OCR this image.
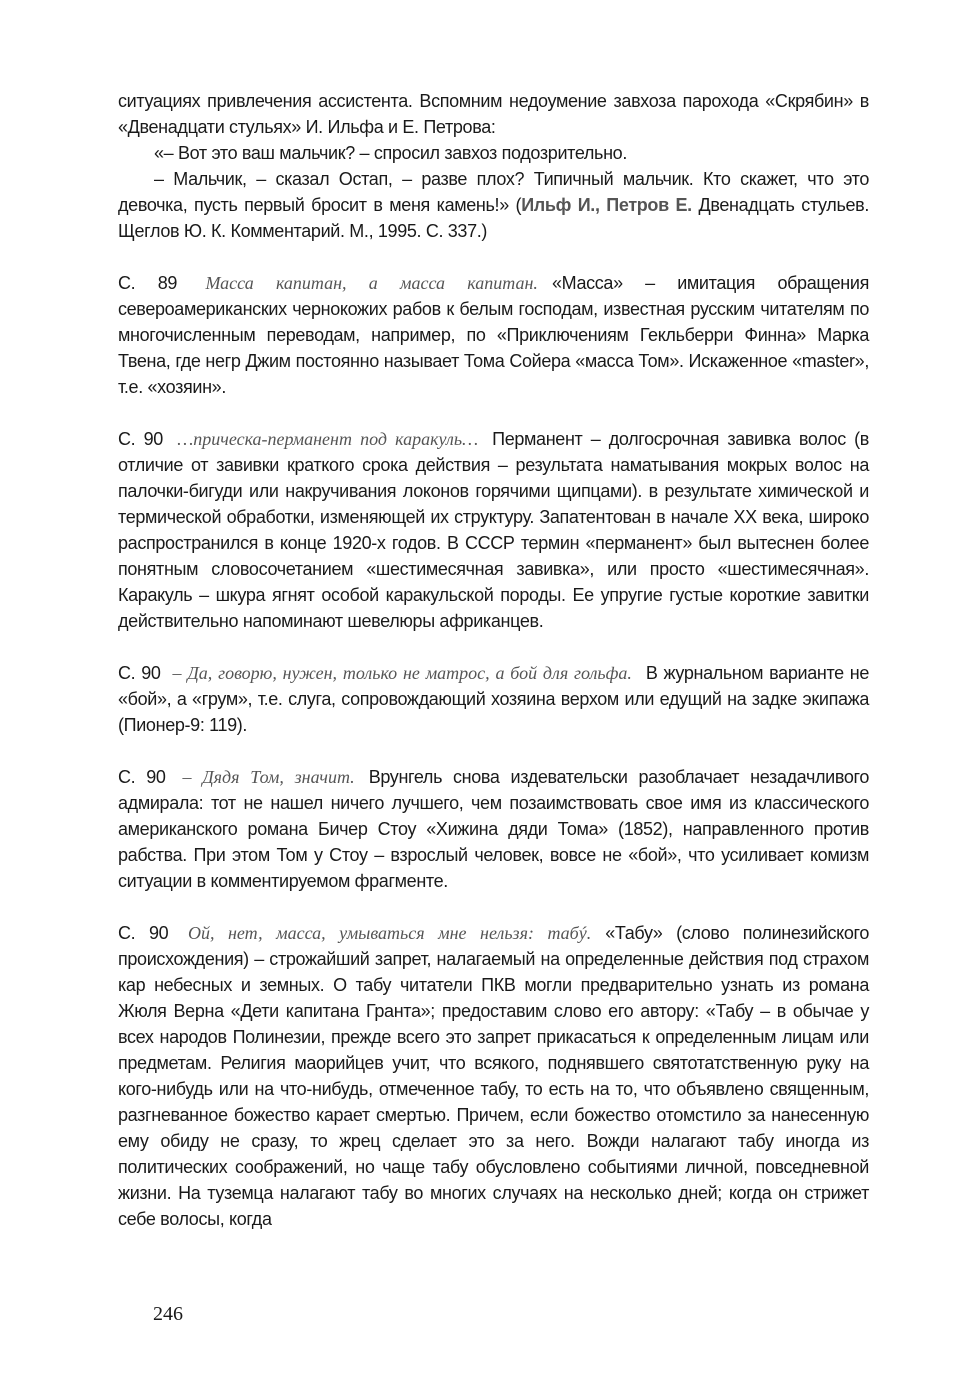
ситуациях привлечения ассистента. Вспомним недоумение завхоза парохода «Скрябин» в «Двенадцати стульях» И. Ильфа и Е. Петрова:

«– Вот это ваш мальчик? – спросил завхоз подозрительно.

– Мальчик, – сказал Остап, – разве плох? Типичный мальчик. Кто скажет, что это девочка, пусть первый бросит в меня камень!» (Ильф И., Петров Е. Двенадцать стульев. Щеглов Ю. К. Комментарий. М., 1995. С. 337.)

С. 89 Масса капитан, а масса капитан. «Масса» – имитация обращения североамериканских чернокожих рабов к белым господам, известная русским читателям по многочисленным переводам, например, по «Приключениям Гекльберри Финна» Марка Твена, где негр Джим постоянно называет Тома Сойера «масса Том». Искаженное «master», т.е. «хозяин».

С. 90 …прическа-перманент под каракуль… Перманент – долгосрочная завивка волос (в отличие от завивки краткого срока действия – результата наматывания мокрых волос на палочки-бигуди или накручивания локонов горячими щипцами). в результате химической и термической обработки, изменяющей их структуру. Запатентован в начале XX века, широко распространился в конце 1920-х годов. В СССР термин «перманент» был вытеснен более понятным словосочетанием «шестимесячная завивка», или просто «шестимесячная». Каракуль – шкура ягнят особой каракульской породы. Ее упругие густые короткие завитки действительно напоминают шевелюры африканцев.

С. 90 – Да, говорю, нужен, только не матрос, а бой для гольфа. В журнальном варианте не «бой», а «грум», т.е. слуга, сопровождающий хозяина верхом или едущий на задке экипажа (Пионер-9: 119).

С. 90 – Дядя Том, значит. Врунгель снова издевательски разоблачает незадачливого адмирала: тот не нашел ничего лучшего, чем позаимствовать свое имя из классического американского романа Бичер Стоу «Хижина дяди Тома» (1852), направленного против рабства. При этом Том у Стоу – взрослый человек, вовсе не «бой», что усиливает комизм ситуации в комментируемом фрагменте.

С. 90 Ой, нет, масса, умываться мне нельзя: табý. «Табу» (слово полинезийского происхождения) – строжайший запрет, налагаемый на определенные действия под страхом кар небесных и земных. О табу читатели ПКВ могли предварительно узнать из романа Жюля Верна «Дети капитана Гранта»; предоставим слово его автору: «Табу – в обычае у всех народов Полинезии, прежде всего это запрет прикасаться к определенным лицам или предметам. Религия маорийцев учит, что всякого, поднявшего святотатственную руку на кого-нибудь или на что-нибудь, отмеченное табу, то есть на то, что объявлено священным, разгневанное божество карает смертью. Причем, если божество отомстило за нанесенную ему обиду не сразу, то жрец сделает это за него. Вожди налагают табу иногда из политических соображений, но чаще табу обусловлено событиями личной, повседневной жизни. На туземца налагают табу во многих случаях на несколько дней; когда он стрижет себе волосы, когда

246
